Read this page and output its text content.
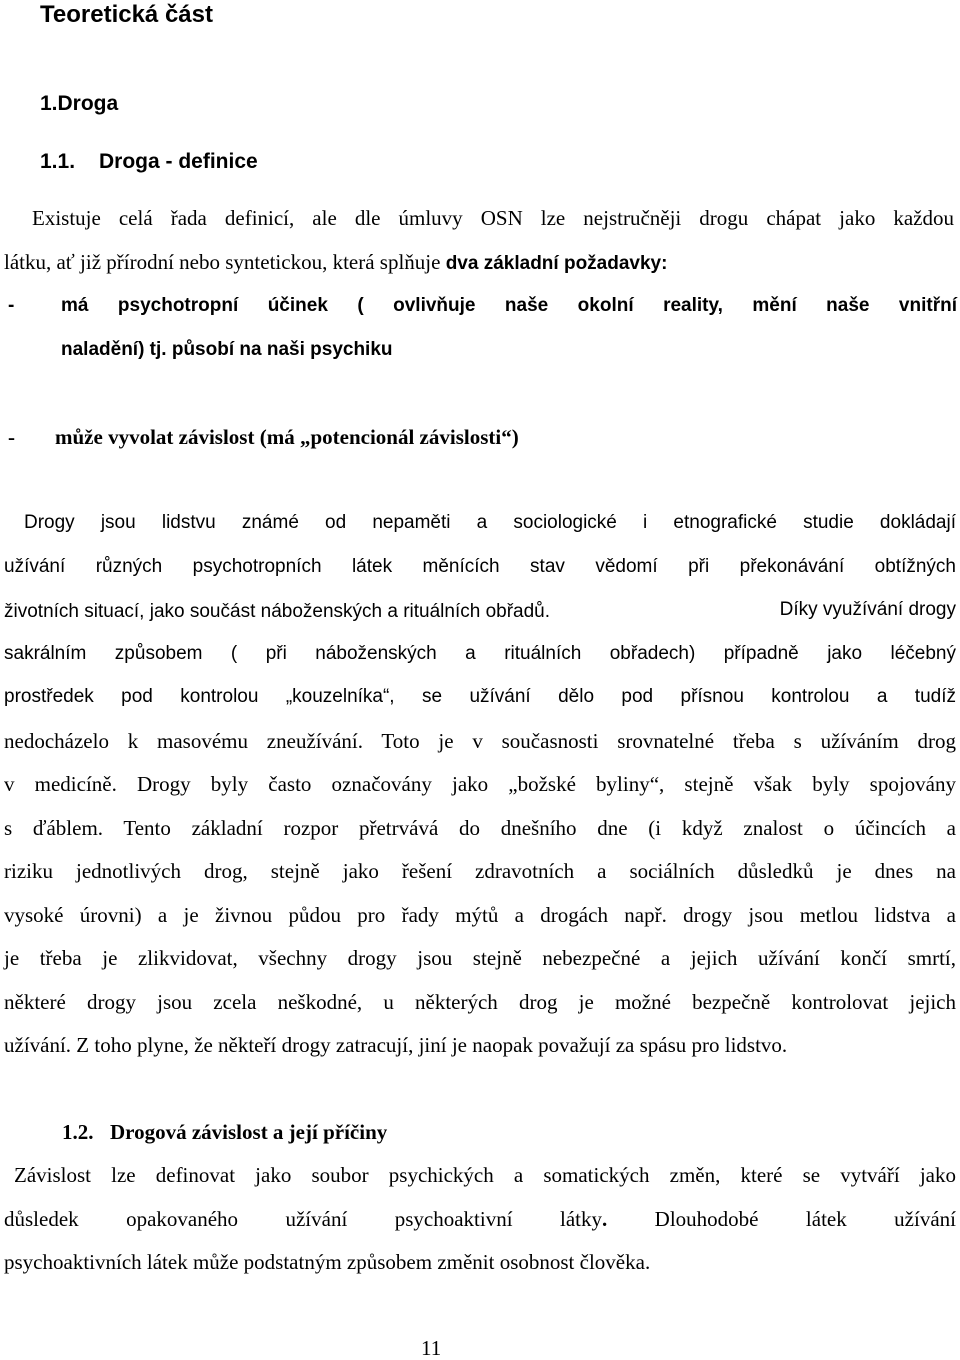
Teoretická část
1.Droga
1.1. Droga - definice
Existuje celá řada definicí, ale dle úmluvy OSN lze nejstručněji drogu chápat jako každou
látku, ať již přírodní nebo syntetickou, která splňuje dva základní požadavky:
- má psychotropní účinek ( ovlivňuje naše okolní reality, mění naše vnitřní
naladění) tj. působí na naši psychiku
- může vyvolat závislost (má „potencionál závislosti“)
Drogy jsou lidstvu známé od nepaměti a sociologické i etnografické studie dokládají
užívání různých psychotropních látek měnících stav vědomí při překonávání obtížných
životních situací, jako součást náboženských a rituálních obřadů.	Díky využívání drogy
sakrálním způsobem ( při náboženských a rituálních obřadech) případně jako léčebný
prostředek pod kontrolou „kouzelníka“, se užívání dělo pod přísnou kontrolou a tudíž
nedocházelo k masovému zneužívání. Toto je v současnosti srovnatelné třeba s užíváním drog
v medicíně. Drogy byly často označovány jako „božské byliny“, stejně však byly spojovány
s ďáblem. Tento základní rozpor přetrvává do dnešního dne (i když znalost o účincích a
riziku jednotlivých drog, stejně jako řešení zdravotních a sociálních důsledků je dnes na
vysoké úrovni) a je živnou půdou pro řady mýtů a drogách např. drogy jsou metlou lidstva a
je třeba je zlikvidovat, všechny drogy jsou stejně nebezpečné a jejich užívání končí smrtí,
některé drogy jsou zcela neškodné, u některých drog je možné bezpečně kontrolovat jejich
užívání. Z toho plyne, že někteří drogy zatracují, jiní je naopak považují za spásu pro lidstvo.
1.2. Drogová závislost a její příčiny
Závislost lze definovat jako soubor psychických a somatických změn, které se vytváří jako
důsledek opakovaného užívání psychoaktivní látky. Dlouhodobé látek užívání
psychoaktivních látek může podstatným způsobem změnit osobnost člověka.
11
